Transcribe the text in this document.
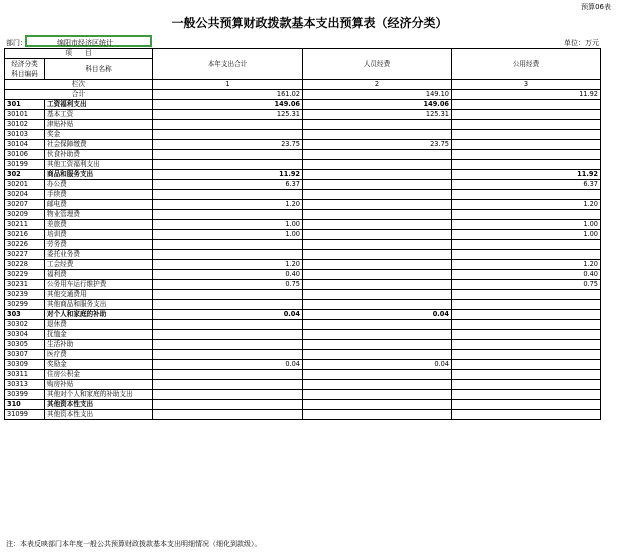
预算06表
一般公共预算财政拨款基本支出预算表（经济分类）
部门：	绵阳市经济区统计	单位：万元
项　　目		本年支出合计	人员经费	公用经费
经济分类
科目编码	科目名称			
栏次		1	2	3
合计		161.02	149.10	11.92
301	工资福利支出	149.06	149.06	
30101	基本工资	125.31	125.31	
30102	津贴补贴			
30103	奖金			
30104	社会保障缴费	23.75	23.75	
30106	伙食补助费			
30199	其他工资福利支出			
302	商品和服务支出	11.92		11.92
30201	办公费	6.37		6.37
30204	手续费			
30207	邮电费	1.20		1.20
30209	物业管理费			
30211	差旅费	1.00		1.00
30216	培训费	1.00		1.00
30226	劳务费			
30227	委托业务费			
30228	工会经费	1.20		1.20
30229	福利费	0.40		0.40
30231	公务用车运行维护费	0.75		0.75
30239	其他交通费用			
30299	其他商品和服务支出			
303	对个人和家庭的补助	0.04	0.04	
30302	退休费			
30304	抚恤金			
30305	生活补助			
30307	医疗费			
30309	奖励金	0.04	0.04	
30311	住房公积金			
30313	购房补贴			
30399	其他对个人和家庭的补助支出			
310	其他资本性支出			
31099	其他资本性支出			
注：本表反映部门本年度一般公共预算财政拨款基本支出明细情况（细化到款级）。
